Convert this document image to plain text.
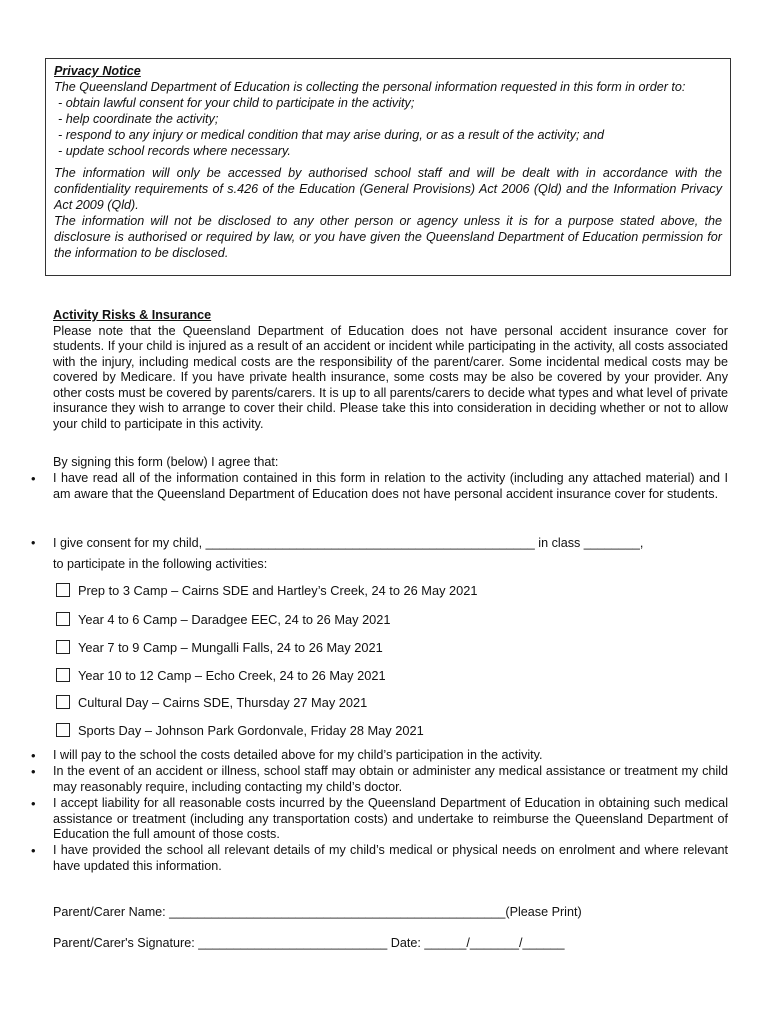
Privacy Notice

The Queensland Department of Education is collecting the personal information requested in this form in order to:

- obtain lawful consent for your child to participate in the activity;
- help coordinate the activity;
- respond to any injury or medical condition that may arise during, or as a result of the activity; and
- update school records where necessary.

The information will only be accessed by authorised school staff and will be dealt with in accordance with the confidentiality requirements of s.426 of the Education (General Provisions) Act 2006 (Qld) and the Information Privacy Act 2009 (Qld).

The information will not be disclosed to any other person or agency unless it is for a purpose stated above, the disclosure is authorised or required by law, or you have given the Queensland Department of Education permission for the information to be disclosed.

Activity Risks & Insurance

Please note that the Queensland Department of Education does not have personal accident insurance cover for students. If your child is injured as a result of an accident or incident while participating in the activity, all costs associated with the injury, including medical costs are the responsibility of the parent/carer. Some incidental medical costs may be covered by Medicare. If you have private health insurance, some costs may be also be covered by your provider. Any other costs must be covered by parents/carers. It is up to all parents/carers to decide what types and what level of private insurance they wish to arrange to cover their child. Please take this into consideration in deciding whether or not to allow your child to participate in this activity.

By signing this form (below) I agree that:
• I have read all of the information contained in this form in relation to the activity (including any attached material) and I am aware that the Queensland Department of Education does not have personal accident insurance cover for students.

• I give consent for my child, _______________________________________________ in class ________,
to participate in the following activities:
Prep to 3 Camp – Cairns SDE and Hartley’s Creek, 24 to 26 May 2021
Year 4 to 6 Camp – Daradgee EEC, 24 to 26 May 2021
Year 7 to 9 Camp – Mungalli Falls, 24 to 26 May 2021
Year 10 to 12 Camp – Echo Creek, 24 to 26 May 2021
Cultural Day – Cairns SDE, Thursday 27 May 2021
Sports Day – Johnson Park Gordonvale, Friday 28 May 2021
• I will pay to the school the costs detailed above for my child’s participation in the activity.

• In the event of an accident or illness, school staff may obtain or administer any medical assistance or treatment my child may reasonably require, including contacting my child’s doctor.

• I accept liability for all reasonable costs incurred by the Queensland Department of Education in obtaining such medical assistance or treatment (including any transportation costs) and undertake to reimburse the Queensland Department of Education the full amount of those costs.

• I have provided the school all relevant details of my child’s medical or physical needs on enrolment and where relevant have updated this information.

Parent/Carer Name: ________________________________________________(Please Print)
Parent/Carer's Signature: ___________________________ Date: ______/_______/______
